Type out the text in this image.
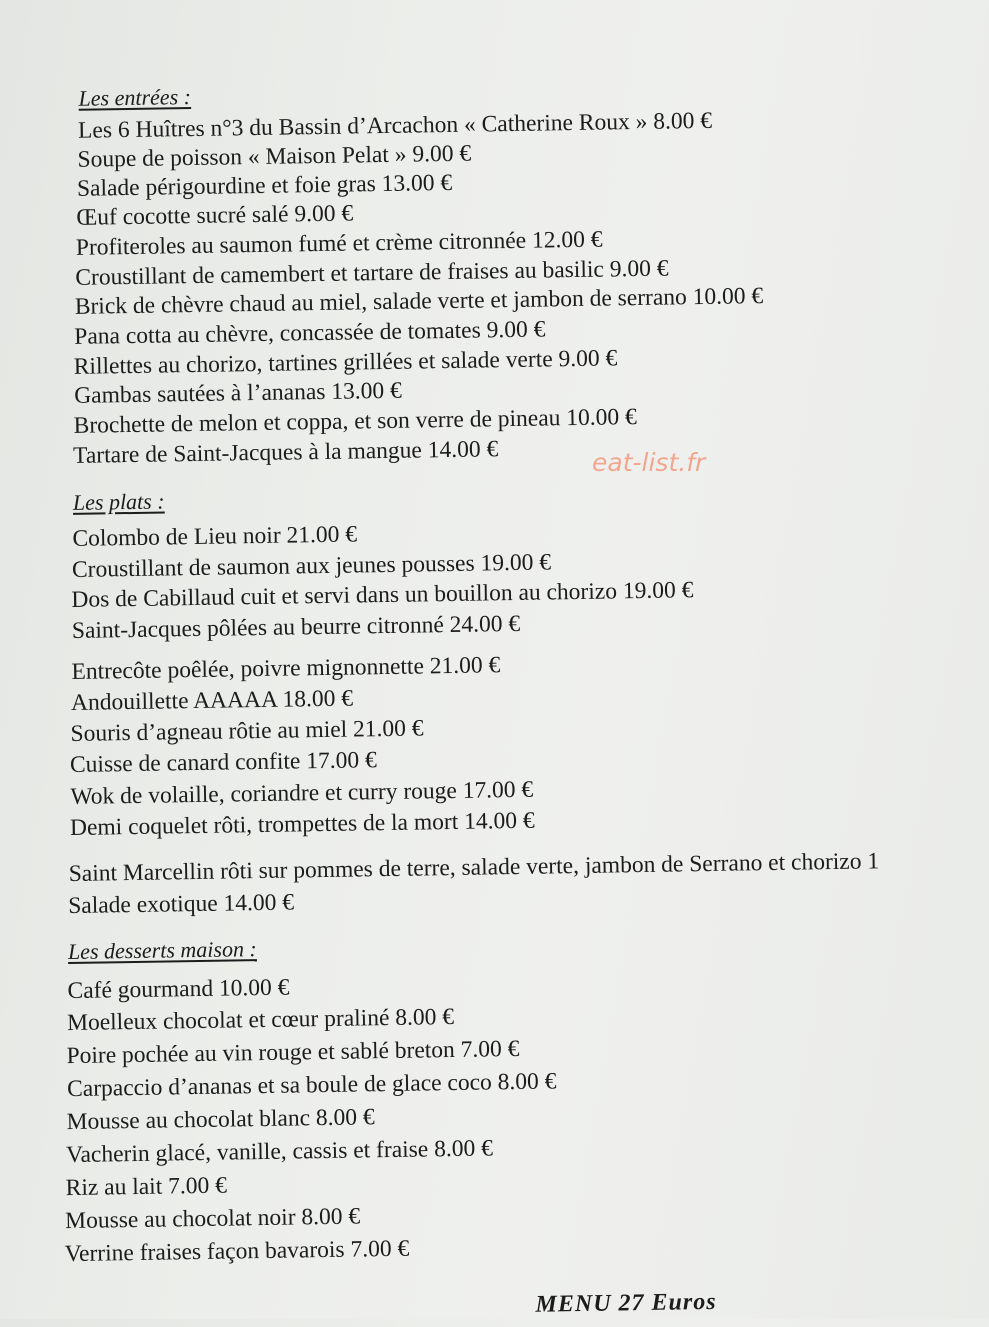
Les entrées :
Les 6 Huîtres n°3 du Bassin d’Arcachon « Catherine Roux » 8.00 €
Soupe de poisson « Maison Pelat » 9.00 €
Salade périgourdine et foie gras 13.00 €
Œuf cocotte sucré salé 9.00 €
Profiteroles au saumon fumé et crème citronnée 12.00 €
Croustillant de camembert et tartare de fraises au basilic 9.00 €
Brick de chèvre chaud au miel, salade verte et jambon de serrano 10.00 €
Pana cotta au chèvre, concassée de tomates 9.00 €
Rillettes au chorizo, tartines grillées et salade verte 9.00 €
Gambas sautées à l’ananas 13.00 €
Brochette de melon et coppa, et son verre de pineau 10.00 €
Tartare de Saint-Jacques à la mangue 14.00 €
Les plats :
Colombo de Lieu noir 21.00 €
Croustillant de saumon aux jeunes pousses 19.00 €
Dos de Cabillaud cuit et servi dans un bouillon au chorizo 19.00 €
Saint-Jacques pôlées au beurre citronné 24.00 €
Entrecôte poêlée, poivre mignonnette 21.00 €
Andouillette AAAAA 18.00 €
Souris d’agneau rôtie au miel 21.00 €
Cuisse de canard confite 17.00 €
Wok de volaille, coriandre et curry rouge 17.00 €
Demi coquelet rôti, trompettes de la mort 14.00 €
Saint Marcellin rôti sur pommes de terre, salade verte, jambon de Serrano et chorizo 1
Salade exotique 14.00 €
Les desserts maison :
Café gourmand 10.00 €
Moelleux chocolat et cœur praliné 8.00 €
Poire pochée au vin rouge et sablé breton 7.00 €
Carpaccio d’ananas et sa boule de glace coco 8.00 €
Mousse au chocolat blanc 8.00 €
Vacherin glacé, vanille, cassis et fraise 8.00 €
Riz au lait 7.00 €
Mousse au chocolat noir 8.00 €
Verrine fraises façon bavarois 7.00 €
MENU 27 Euros
eat-list.fr
